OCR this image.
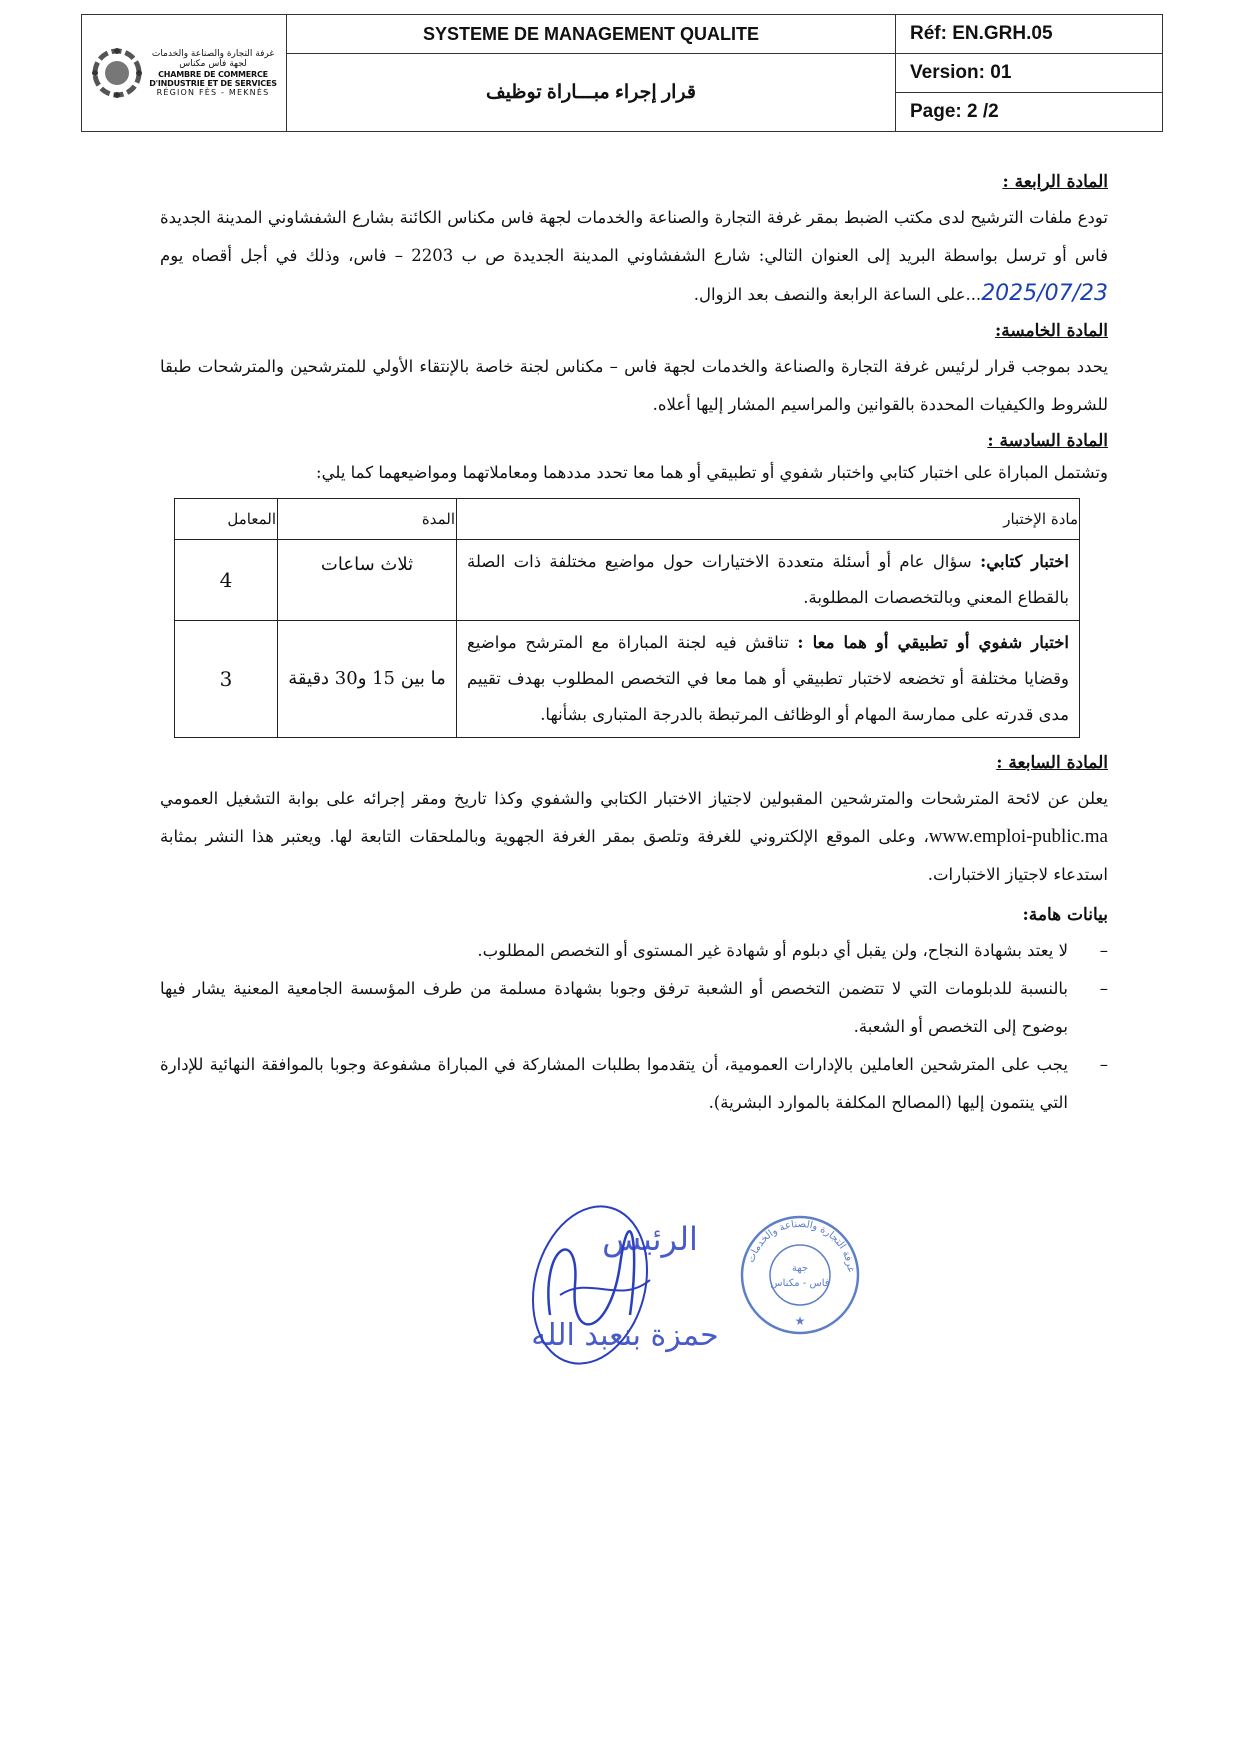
غرفة التجارة والصناعة والخدمات
لجهة فاس مكناس
CHAMBRE DE COMMERCE
D'INDUSTRIE ET DE SERVICES
RÉGION FÈS - MEKNÈS	SYSTEME DE MANAGEMENT QUALITE	Réf: EN.GRH.05
	قرار إجراء مبـــاراة توظيف	Version: 01
		Page: 2 /2
المادة الرابعة :

تودع ملفات الترشيح لدى مكتب الضبط بمقر غرفة التجارة والصناعة والخدمات لجهة فاس مكناس الكائنة بشارع الشفشاوني المدينة الجديدة فاس أو ترسل بواسطة البريد إلى العنوان التالي: شارع الشفشاوني المدينة الجديدة ص ب 2203 – فاس، وذلك في أجل أقصاه يوم 2025/07/23...على الساعة الرابعة والنصف بعد الزوال.

المادة الخامسة:

يحدد بموجب قرار لرئيس غرفة التجارة والصناعة والخدمات لجهة فاس – مكناس لجنة خاصة بالإنتقاء الأولي للمترشحين والمترشحات طبقا للشروط والكيفيات المحددة بالقوانين والمراسيم المشار إليها أعلاه.

المادة السادسة :

وتشتمل المباراة على اختبار كتابي واختبار شفوي أو تطبيقي أو هما معا تحدد مددهما ومعاملاتهما ومواضيعهما كما يلي:

مادة الإختبار	المدة	المعامل
اختبار كتابي: سؤال عام أو أسئلة متعددة الاختيارات حول مواضيع مختلفة ذات الصلة بالقطاع المعني وبالتخصصات المطلوبة.	ثلاث ساعات	4
اختبار شفوي أو تطبيقي أو هما معا : تناقش فيه لجنة المباراة مع المترشح مواضيع وقضايا مختلفة أو تخضعه لاختبار تطبيقي أو هما معا في التخصص المطلوب بهدف تقييم مدى قدرته على ممارسة المهام أو الوظائف المرتبطة بالدرجة المتبارى بشأنها.	ما بين 15 و30 دقيقة	3
المادة السابعة :

يعلن عن لائحة المترشحات والمترشحين المقبولين لاجتياز الاختبار الكتابي والشفوي وكذا تاريخ ومقر إجرائه على بوابة التشغيل العمومي www.emploi-public.ma، وعلى الموقع الإلكتروني للغرفة وتلصق بمقر الغرفة الجهوية وبالملحقات التابعة لها. ويعتبر هذا النشر بمثابة استدعاء لاجتياز الاختبارات.

بيانات هامة:
–
لا يعتد بشهادة النجاح، ولن يقبل أي دبلوم أو شهادة غير المستوى أو التخصص المطلوب.
–
بالنسبة للدبلومات التي لا تتضمن التخصص أو الشعبة ترفق وجوبا بشهادة مسلمة من طرف المؤسسة الجامعية المعنية يشار فيها بوضوح إلى التخصص أو الشعبة.
–
يجب على المترشحين العاملين بالإدارات العمومية، أن يتقدموا بطلبات المشاركة في المباراة مشفوعة وجوبا بالموافقة النهائية للإدارة التي ينتمون إليها (المصالح المكلفة بالموارد البشرية).
الرئيس
حمزة بنعبد الله
جهة
فاس - مكناس
غرفة التجارة والصناعة والخدمات
★
